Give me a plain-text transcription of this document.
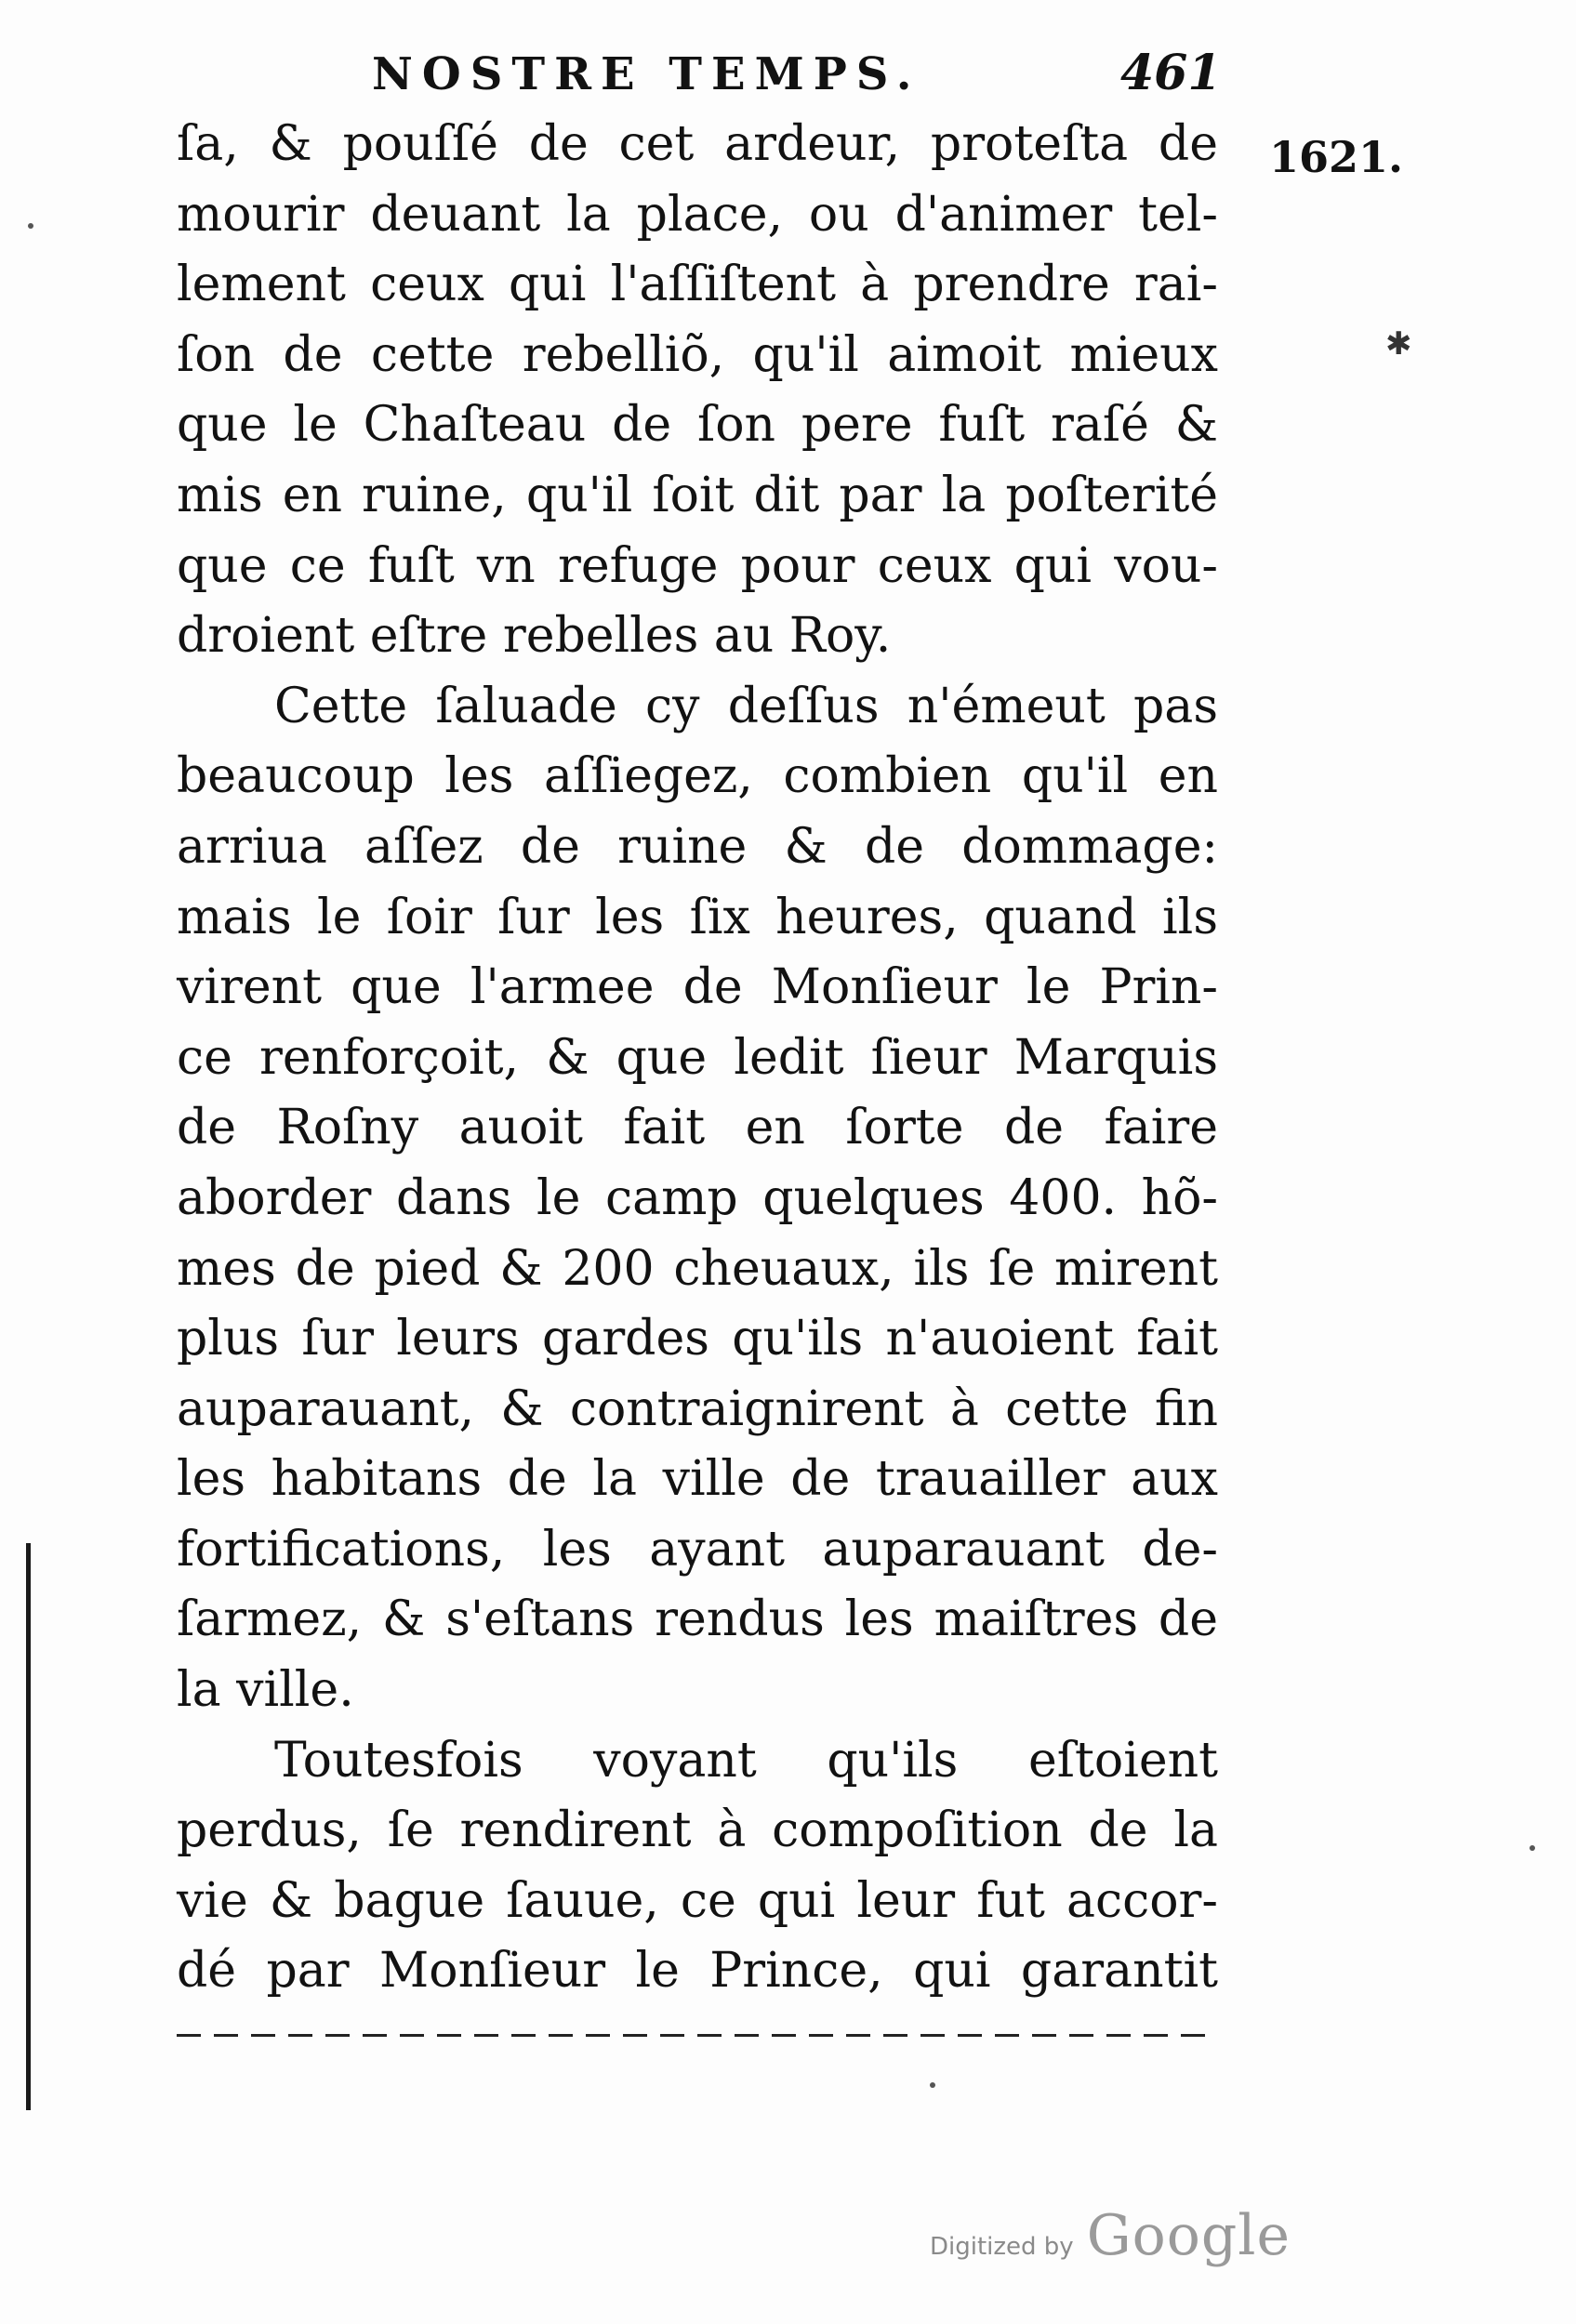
NOSTRE TEMPS.	461
1621.
✱
ſa, & pouſſé de cet ardeur, proteſta de
mourir deuant la place, ou d'animer tel-
lement ceux qui l'aſſiſtent à prendre rai-
ſon de cette rebelliõ, qu'il aimoit mieux
que le Chaſteau de ſon pere fuſt raſé &
mis en ruine, qu'il ſoit dit par la poſterité
que ce fuſt vn refuge pour ceux qui vou-
droient eſtre rebelles au Roy.
Cette ſaluade cy deſſus n'émeut pas
beaucoup les aſſiegez, combien qu'il en
arriua aſſez de ruine & de dommage:
mais le ſoir ſur les ſix heures, quand ils
virent que l'armee de Monſieur le Prin-
ce renforçoit, & que ledit ſieur Marquis
de Roſny auoit fait en ſorte de faire
aborder dans le camp quelques 400. hõ-
mes de pied & 200 cheuaux, ils ſe mirent
plus ſur leurs gardes qu'ils n'auoient fait
auparauant, & contraignirent à cette fin
les habitans de la ville de trauailler aux
fortifications, les ayant auparauant de-
ſarmez, & s'eſtans rendus les maiſtres de
la ville.
Toutesfois voyant qu'ils eſtoient
perdus, ſe rendirent à compoſition de la
vie & bague ſauue, ce qui leur fut accor-
dé par Monſieur le Prince, qui garantit
Digitized by Google
